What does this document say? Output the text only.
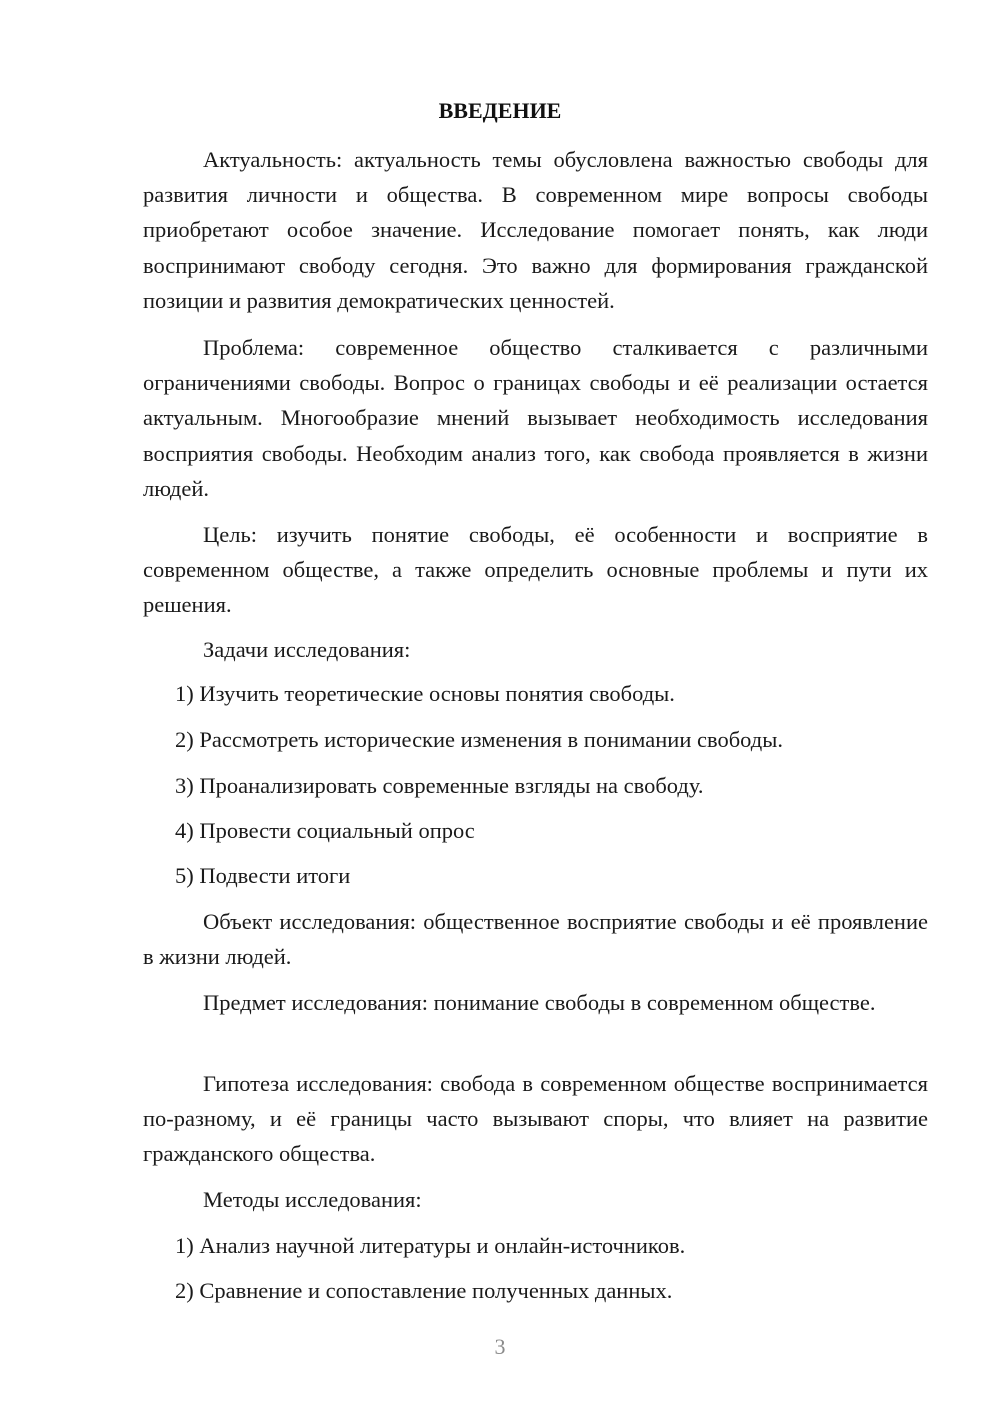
ВВЕДЕНИЕ

Актуальность: актуальность темы обусловлена важностью свободы для развития личности и общества. В современном мире вопросы свободы приобретают особое значение. Исследование помогает понять, как люди воспринимают свободу сегодня. Это важно для формирования гражданской позиции и развития демократических ценностей.

Проблема: современное общество сталкивается с различными ограничениями свободы. Вопрос о границах свободы и её реализации остается актуальным. Многообразие мнений вызывает необходимость исследования восприятия свободы. Необходим анализ того, как свобода проявляется в жизни людей.

Цель: изучить понятие свободы, её особенности и восприятие в современном обществе, а также определить основные проблемы и пути их решения.

Задачи исследования:

1) Изучить теоретические основы понятия свободы.

2) Рассмотреть исторические изменения в понимании свободы.

3) Проанализировать современные взгляды на свободу.

4) Провести социальный опрос

5) Подвести итоги

Объект исследования: общественное восприятие свободы и её проявление в жизни людей.

Предмет исследования: понимание свободы в современном обществе.

Гипотеза исследования: свобода в современном обществе воспринимается по-разному, и её границы часто вызывают споры, что влияет на развитие гражданского общества.

Методы исследования:

1) Анализ научной литературы и онлайн-источников.

2) Сравнение и сопоставление полученных данных.

3
